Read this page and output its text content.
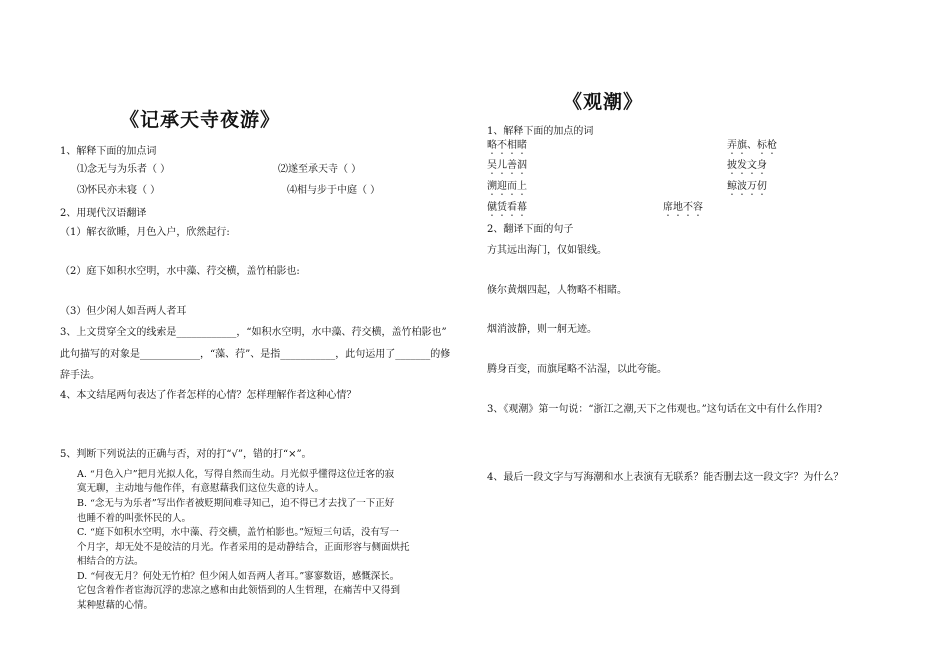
《记承天寺夜游》
1、解释下面的加点词
⑴念无与为乐者（ ）	⑵遂至承天寺（ ）
⑶怀民亦未寝（ ）	⑷相与步于中庭（ ）
2、用现代汉语翻译
（1）解衣欲睡，月色入户，欣然起行:
（2）庭下如积水空明，水中藻、荇交横，盖竹柏影也:
（3）但少闲人如吾两人者耳
3、上文贯穿全文的线索是____________，“如积水空明，水中藻、荇交横，盖竹柏影也”
此句描写的对象是____________，“藻、荇”、是指___________，此句运用了_______的修
辞手法。
4、本文结尾两句表达了作者怎样的心情？怎样理解作者这种心情？
5、判断下列说法的正确与否，对的打“√”，错的打“×”。
A. “月色入户”把月光拟人化，写得自然而生动。月光似乎懂得这位迁客的寂
寞无聊，主动地与他作伴，有意慰藉我们这位失意的诗人。
B. “念无与为乐者”写出作者被贬期间难寻知己，迫不得已才去找了一下正好
也睡不着的叫张怀民的人。
C. “庭下如积水空明，水中藻、荇交横，盖竹柏影也。”短短三句话，没有写一
个月字，却无处不是皎洁的月光。作者采用的是动静结合，正面形容与侧面烘托
相结合的方法。
D. “何夜无月？何处无竹柏？但少闲人如吾两人者耳。”寥寥数语，感慨深长。
它包含着作者宦海沉浮的悲凉之感和由此领悟到的人生哲理，在痛苦中又得到
某种慰藉的心情。
《观潮》
1、解释下面的加点的词
略不相睹	弄旗、标枪
吴儿善泅	披发文身
溯迎而上	鲸波万仞
僦赁看幕	席地不容
2、翻译下面的句子
方其远出海门，仅如银线。
倏尔黄烟四起，人物略不相睹。
烟消波静，则一舸无迹。
腾身百变，而旗尾略不沾湿，以此夸能。
3、《观潮》第一句说：“浙江之潮,天下之伟观也。”这句话在文中有什么作用?
4、最后一段文字与写海潮和水上表演有无联系？能否删去这一段文字？为什么？
